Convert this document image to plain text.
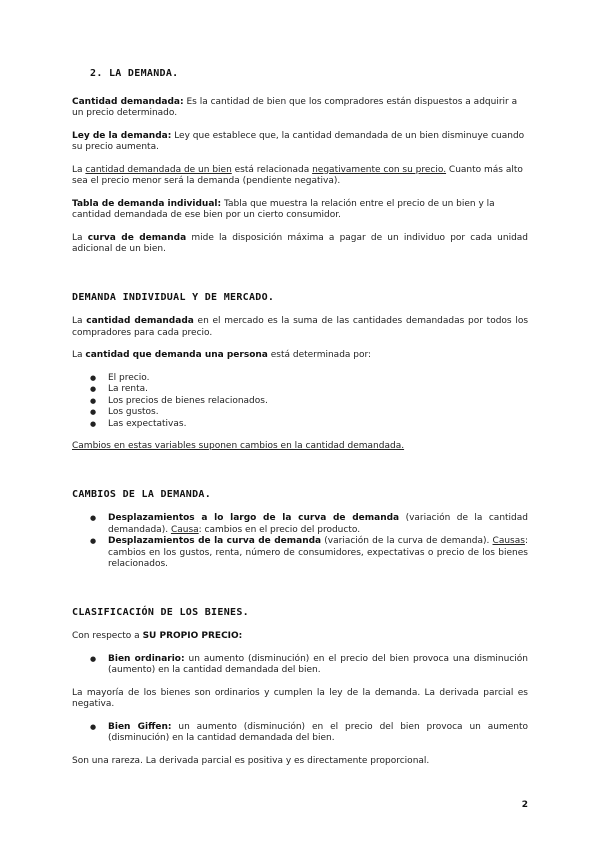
2. LA DEMANDA.

Cantidad demandada: Es la cantidad de bien que los compradores están dispuestos a adquirir a un precio determinado.

Ley de la demanda: Ley que establece que, la cantidad demandada de un bien disminuye cuando su precio aumenta.

La cantidad demandada de un bien está relacionada negativamente con su precio. Cuanto más alto sea el precio menor será la demanda (pendiente negativa).

Tabla de demanda individual: Tabla que muestra la relación entre el precio de un bien y la cantidad demandada de ese bien por un cierto consumidor.

La curva de demanda mide la disposición máxima a pagar de un individuo por cada unidad adicional de un bien.

DEMANDA INDIVIDUAL Y DE MERCADO.

La cantidad demandada en el mercado es la suma de las cantidades demandadas por todos los compradores para cada precio.

La cantidad que demanda una persona está determinada por:

● El precio.
● La renta.
● Los precios de bienes relacionados.
● Los gustos.
● Las expectativas.

Cambios en estas variables suponen cambios en la cantidad demandada.

CAMBIOS DE LA DEMANDA.
● Desplazamientos a lo largo de la curva de demanda (variación de la cantidad demandada). Causa: cambios en el precio del producto.
● Desplazamientos de la curva de demanda (variación de la curva de demanda). Causas: cambios en los gustos, renta, número de consumidores, expectativas o precio de los bienes relacionados.
CLASIFICACIÓN DE LOS BIENES.

Con respecto a SU PROPIO PRECIO:

● Bien ordinario: un aumento (disminución) en el precio del bien provoca una disminución (aumento) en la cantidad demandada del bien.

La mayoría de los bienes son ordinarios y cumplen la ley de la demanda. La derivada parcial es negativa.

● Bien Giffen: un aumento (disminución) en el precio del bien provoca un aumento (disminución) en la cantidad demandada del bien.

Son una rareza. La derivada parcial es positiva y es directamente proporcional.

2
